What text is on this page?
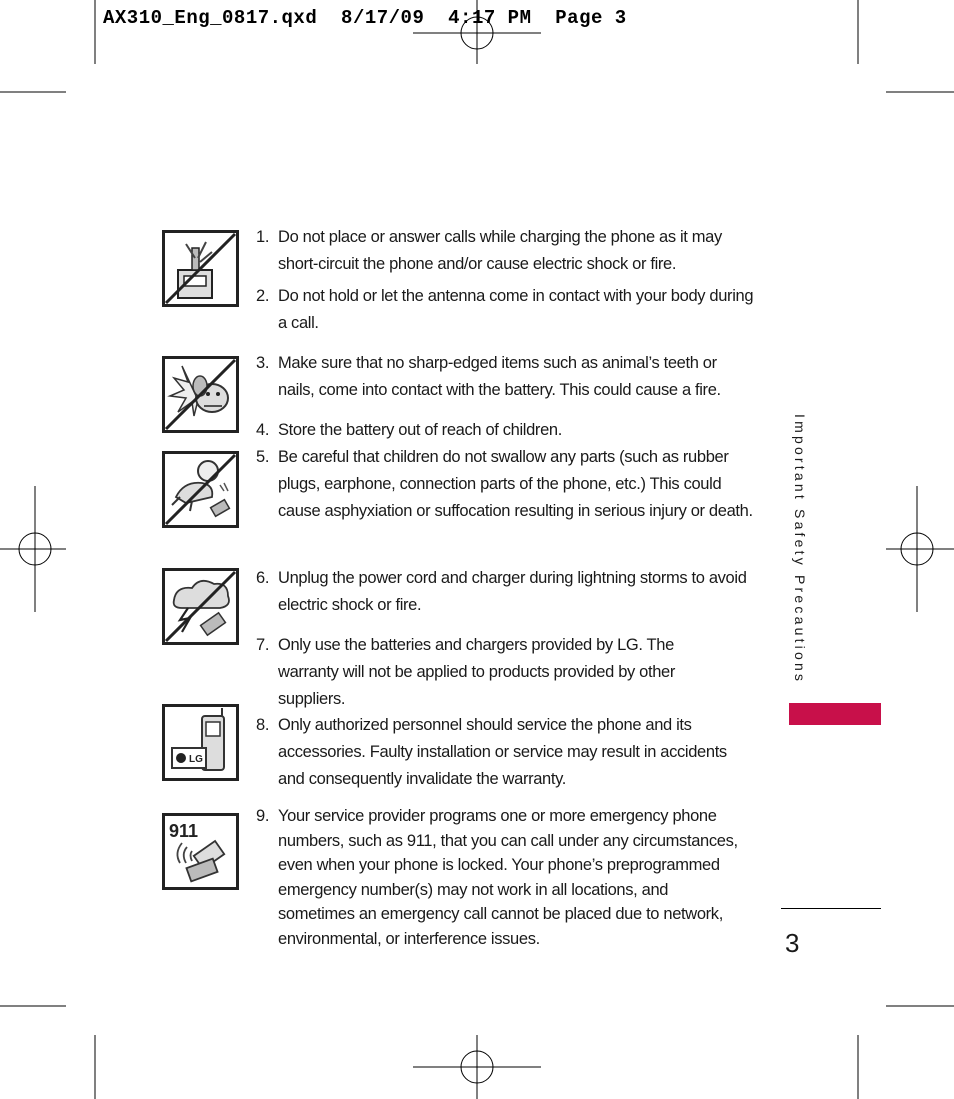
AX310_Eng_0817.qxd  8/17/09  4:17 PM  Page 3
LG
911
1. Do not place or answer calls while charging the phone as it may short-circuit the phone and/or cause electric shock or fire.
2. Do not hold or let the antenna come in contact with your body during a call.
3. Make sure that no sharp-edged items such as animal’s teeth or nails, come into contact with the battery. This could cause a fire.
4. Store the battery out of reach of children.
5. Be careful that children do not swallow any parts (such as rubber plugs, earphone, connection parts of the phone, etc.) This could cause asphyxiation or suffocation resulting in serious injury or death.
6. Unplug the power cord and charger during lightning storms to avoid electric shock or fire.
7. Only use the batteries and chargers provided by LG. The warranty will not be applied to products provided by other suppliers.
8. Only authorized personnel should service the phone and its accessories. Faulty installation or service may result in accidents and consequently invalidate the warranty.
9. Your service provider programs one or more emergency phone numbers, such as 911, that you can call under any circumstances, even when your phone is locked. Your phone’s preprogrammed emergency number(s) may not work in all locations, and sometimes an emergency call cannot be placed due to network, environmental, or interference issues.
Important Safety Precautions
3
